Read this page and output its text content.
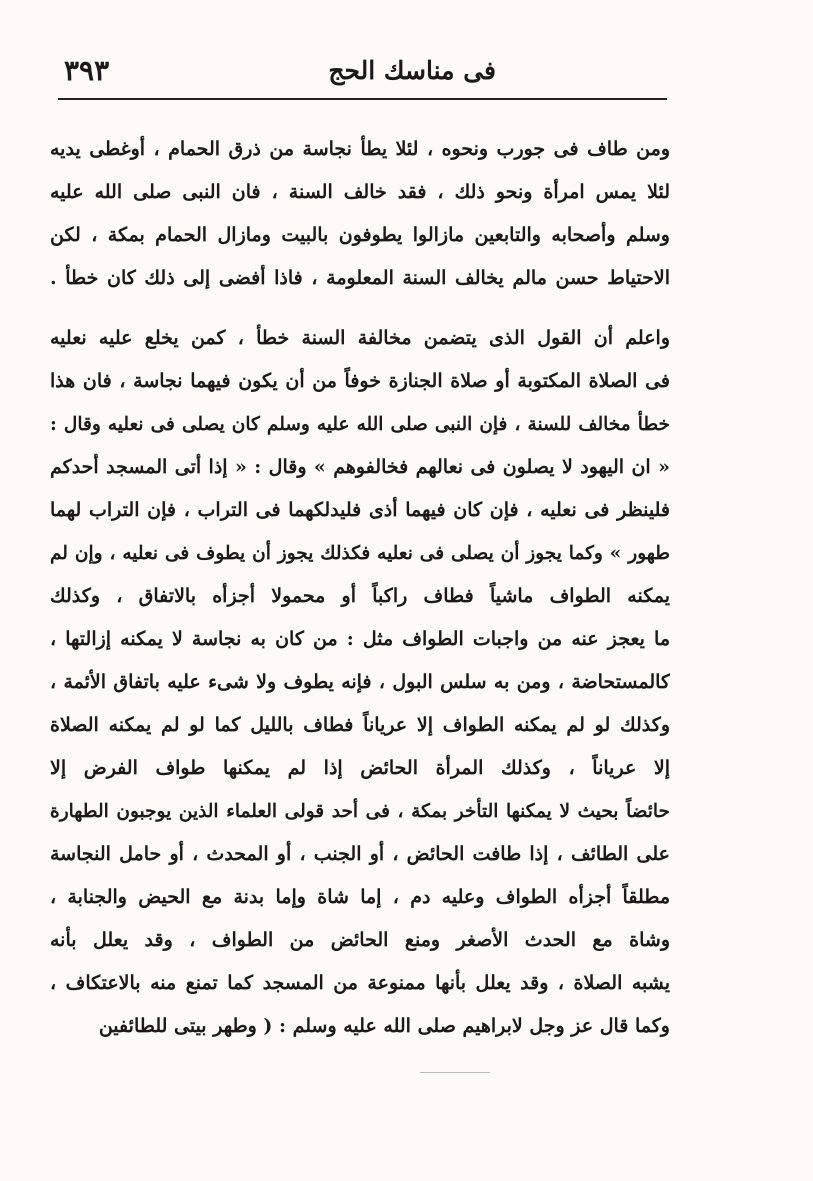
فى مناسك الحج
٣٩٣
ومن طاف فى جورب ونحوه ، لئلا يطأ نجاسة من ذرق الحمام ، أوغطى يديه
لئلا يمس امرأة ونحو ذلك ، فقد خالف السنة ، فان النبى صلى الله عليه
وسلم وأصحابه والتابعين مازالوا يطوفون بالبيت ومازال الحمام بمكة ، لكن
الاحتياط حسن مالم يخالف السنة المعلومة ، فاذا أفضى إلى ذلك كان خطأ .
واعلم أن القول الذى يتضمن مخالفة السنة خطأ ، كمن يخلع عليه نعليه
فى الصلاة المكتوبة أو صلاة الجنازة خوفاً من أن يكون فيهما نجاسة ، فان هذا
خطأ مخالف للسنة ، فإن النبى صلى الله عليه وسلم كان يصلى فى نعليه وقال :
« ان اليهود لا يصلون فى نعالهم فخالفوهم » وقال : « إذا أتى المسجد أحدكم
فلينظر فى نعليه ، فإن كان فيهما أذى فليدلكهما فى التراب ، فإن التراب لهما
طهور » وكما يجوز أن يصلى فى نعليه فكذلك يجوز أن يطوف فى نعليه ، وإن لم
يمكنه الطواف ماشياً فطاف راكباً أو محمولا أجزأه بالاتفاق ، وكذلك
ما يعجز عنه من واجبات الطواف مثل : من كان به نجاسة لا يمكنه إزالتها ،
كالمستحاضة ، ومن به سلس البول ، فإنه يطوف ولا شىء عليه باتفاق الأئمة ،
وكذلك لو لم يمكنه الطواف إلا عرياناً فطاف بالليل كما لو لم يمكنه الصلاة
إلا عرياناً ، وكذلك المرأة الحائض إذا لم يمكنها طواف الفرض إلا
حائضاً بحيث لا يمكنها التأخر بمكة ، فى أحد قولى العلماء الذين يوجبون الطهارة
على الطائف ، إذا طافت الحائض ، أو الجنب ، أو المحدث ، أو حامل النجاسة
مطلقاً أجزأه الطواف وعليه دم ، إما شاة وإما بدنة مع الحيض والجنابة ،
وشاة مع الحدث الأصغر ومنع الحائض من الطواف ، وقد يعلل بأنه
يشبه الصلاة ، وقد يعلل بأنها ممنوعة من المسجد كما تمنع منه بالاعتكاف ،
وكما قال عز وجل لابراهيم صلى الله عليه وسلم : ( وطهر بيتى للطائفين
